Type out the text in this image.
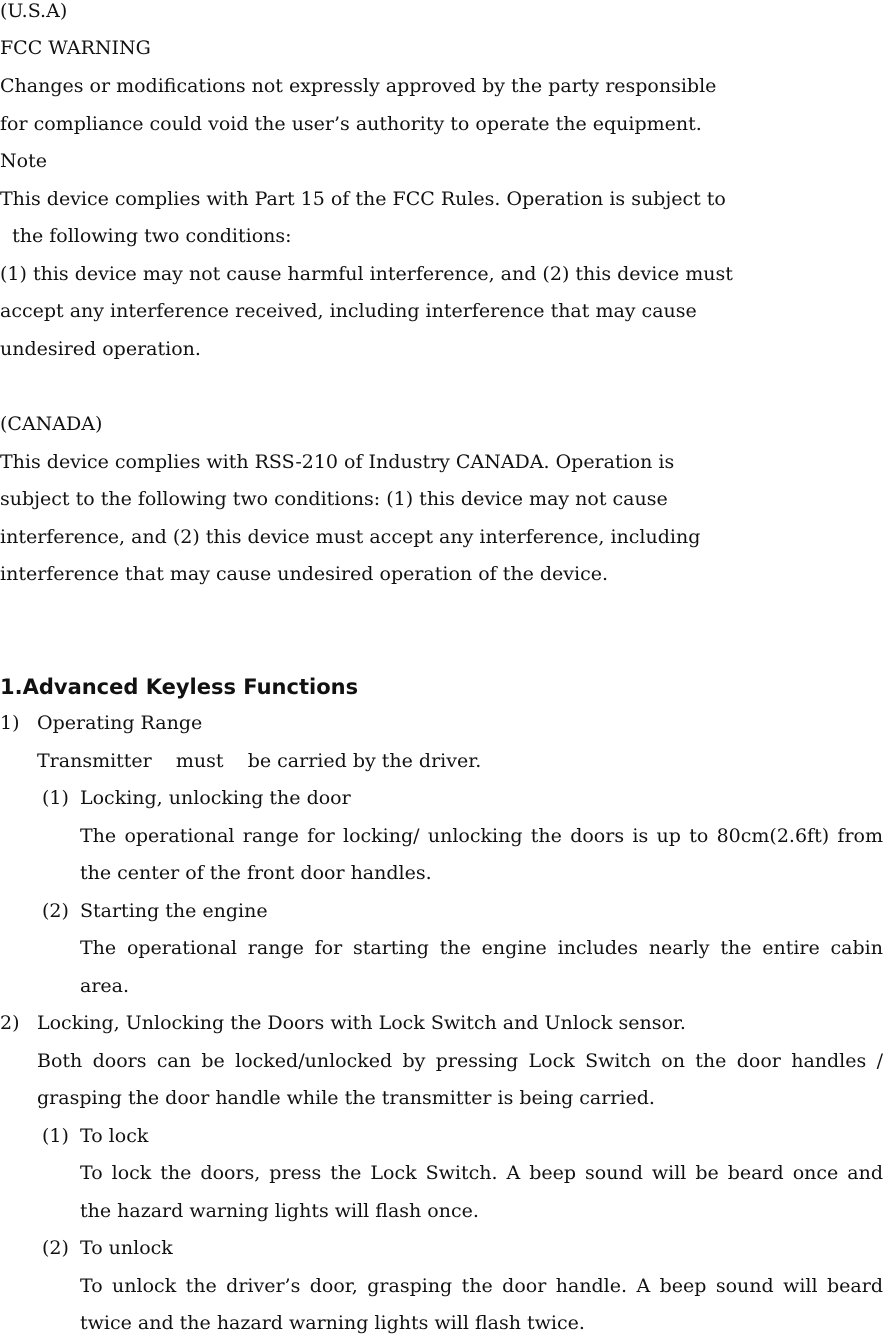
(U.S.A)
FCC WARNING
Changes or modifications not expressly approved by the party responsible
for compliance could void the user’s authority to operate the equipment.
Note
This device complies with Part 15 of the FCC Rules. Operation is subject to
the following two conditions:
(1) this device may not cause harmful interference, and (2) this device must
accept any interference received, including interference that may cause
undesired operation.
(CANADA)
This device complies with RSS-210 of Industry CANADA. Operation is
subject to the following two conditions: (1) this device may not cause
interference, and (2) this device must accept any interference, including
interference that may cause undesired operation of the device.
1.Advanced Keyless Functions
1) Operating Range
Transmitter    must    be carried by the driver.
(1) Locking, unlocking the door
The operational range for locking/ unlocking the doors is up to 80cm(2.6ft) from
the center of the front door handles.
(2) Starting the engine
The operational range for starting the engine includes nearly the entire cabin
area.
2) Locking, Unlocking the Doors with Lock Switch and Unlock sensor.
Both doors can be locked/unlocked by pressing Lock Switch on the door handles /
grasping the door handle while the transmitter is being carried.
(1) To lock
To lock the doors, press the Lock Switch. A beep sound will be beard once and
the hazard warning lights will flash once.
(2) To unlock
To unlock the driver’s door, grasping the door handle. A beep sound will beard
twice and the hazard warning lights will flash twice.
